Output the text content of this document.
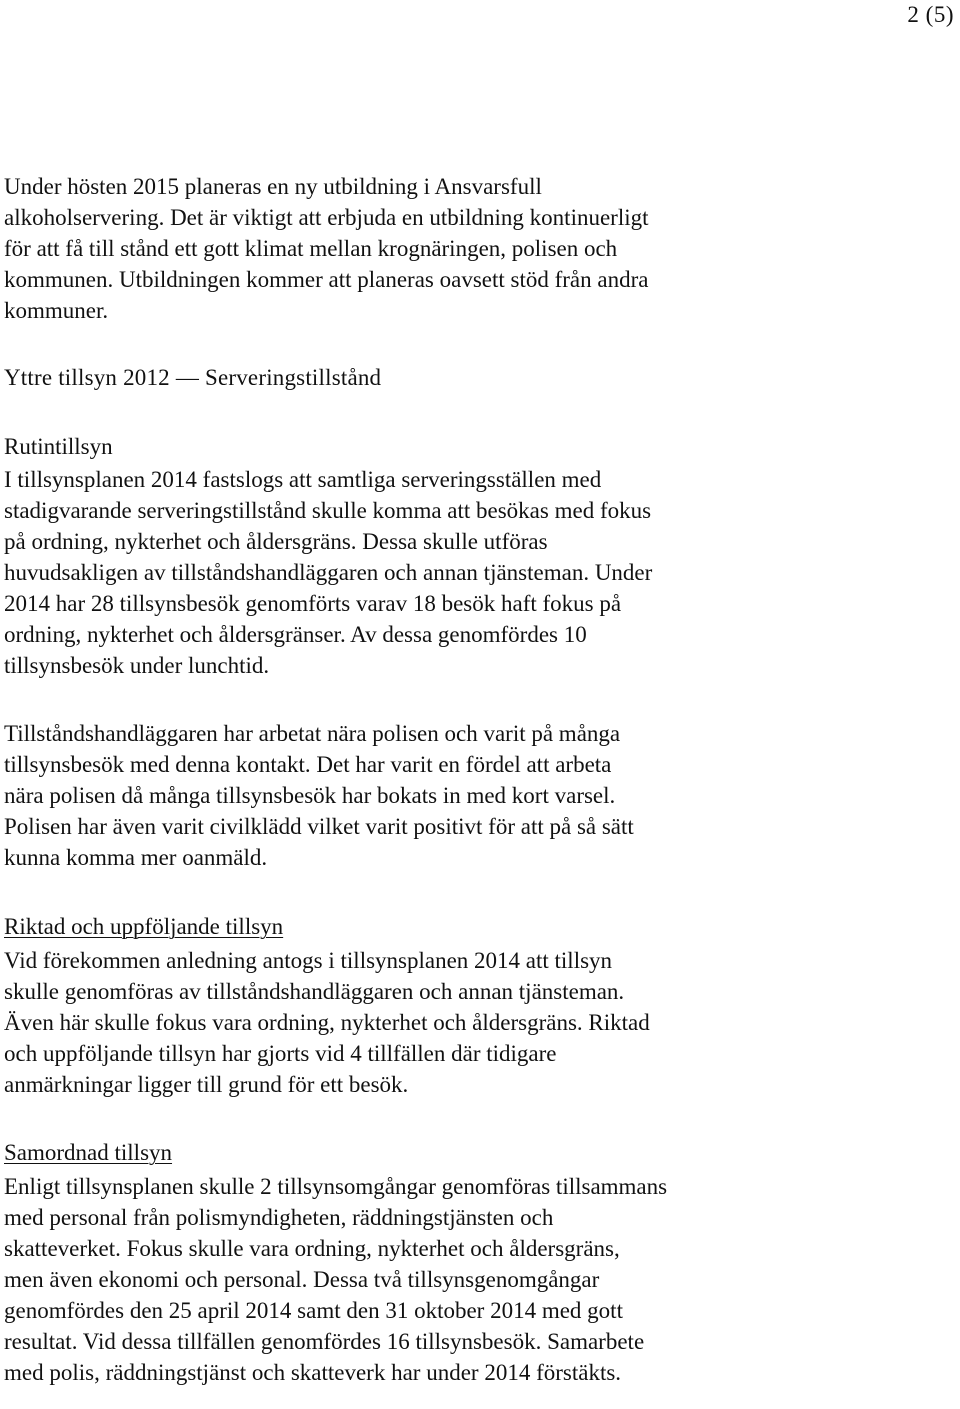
2 (5)

Under hösten 2015 planeras en ny utbildning i Ansvarsfull
alkoholservering. Det är viktigt att erbjuda en utbildning kontinuerligt
för att få till stånd ett gott klimat mellan krognäringen, polisen och
kommunen. Utbildningen kommer att planeras oavsett stöd från andra
kommuner.

Yttre tillsyn 2012 — Serveringstillstånd
Rutintillsyn

I tillsynsplanen 2014 fastslogs att samtliga serveringsställen med
stadigvarande serveringstillstånd skulle komma att besökas med fokus
på ordning, nykterhet och åldersgräns. Dessa skulle utföras
huvudsakligen av tillståndshandläggaren och annan tjänsteman. Under
2014 har 28 tillsynsbesök genomförts varav 18 besök haft fokus på
ordning, nykterhet och åldersgränser. Av dessa genomfördes 10
tillsynsbesök under lunchtid.

Tillståndshandläggaren har arbetat nära polisen och varit på många
tillsynsbesök med denna kontakt. Det har varit en fördel att arbeta
nära polisen då många tillsynsbesök har bokats in med kort varsel.
Polisen har även varit civilklädd vilket varit positivt för att på så sätt
kunna komma mer oanmäld.

Riktad och uppföljande tillsyn

Vid förekommen anledning antogs i tillsynsplanen 2014 att tillsyn
skulle genomföras av tillståndshandläggaren och annan tjänsteman.
Även här skulle fokus vara ordning, nykterhet och åldersgräns. Riktad
och uppföljande tillsyn har gjorts vid 4 tillfällen där tidigare
anmärkningar ligger till grund för ett besök.

Samordnad tillsyn

Enligt tillsynsplanen skulle 2 tillsynsomgångar genomföras tillsammans
med personal från polismyndigheten, räddningstjänsten och
skatteverket. Fokus skulle vara ordning, nykterhet och åldersgräns,
men även ekonomi och personal. Dessa två tillsynsgenomgångar
genomfördes den 25 april 2014 samt den 31 oktober 2014 med gott
resultat. Vid dessa tillfällen genomfördes 16 tillsynsbesök. Samarbete
med polis, räddningstjänst och skatteverk har under 2014 förstäkts.
